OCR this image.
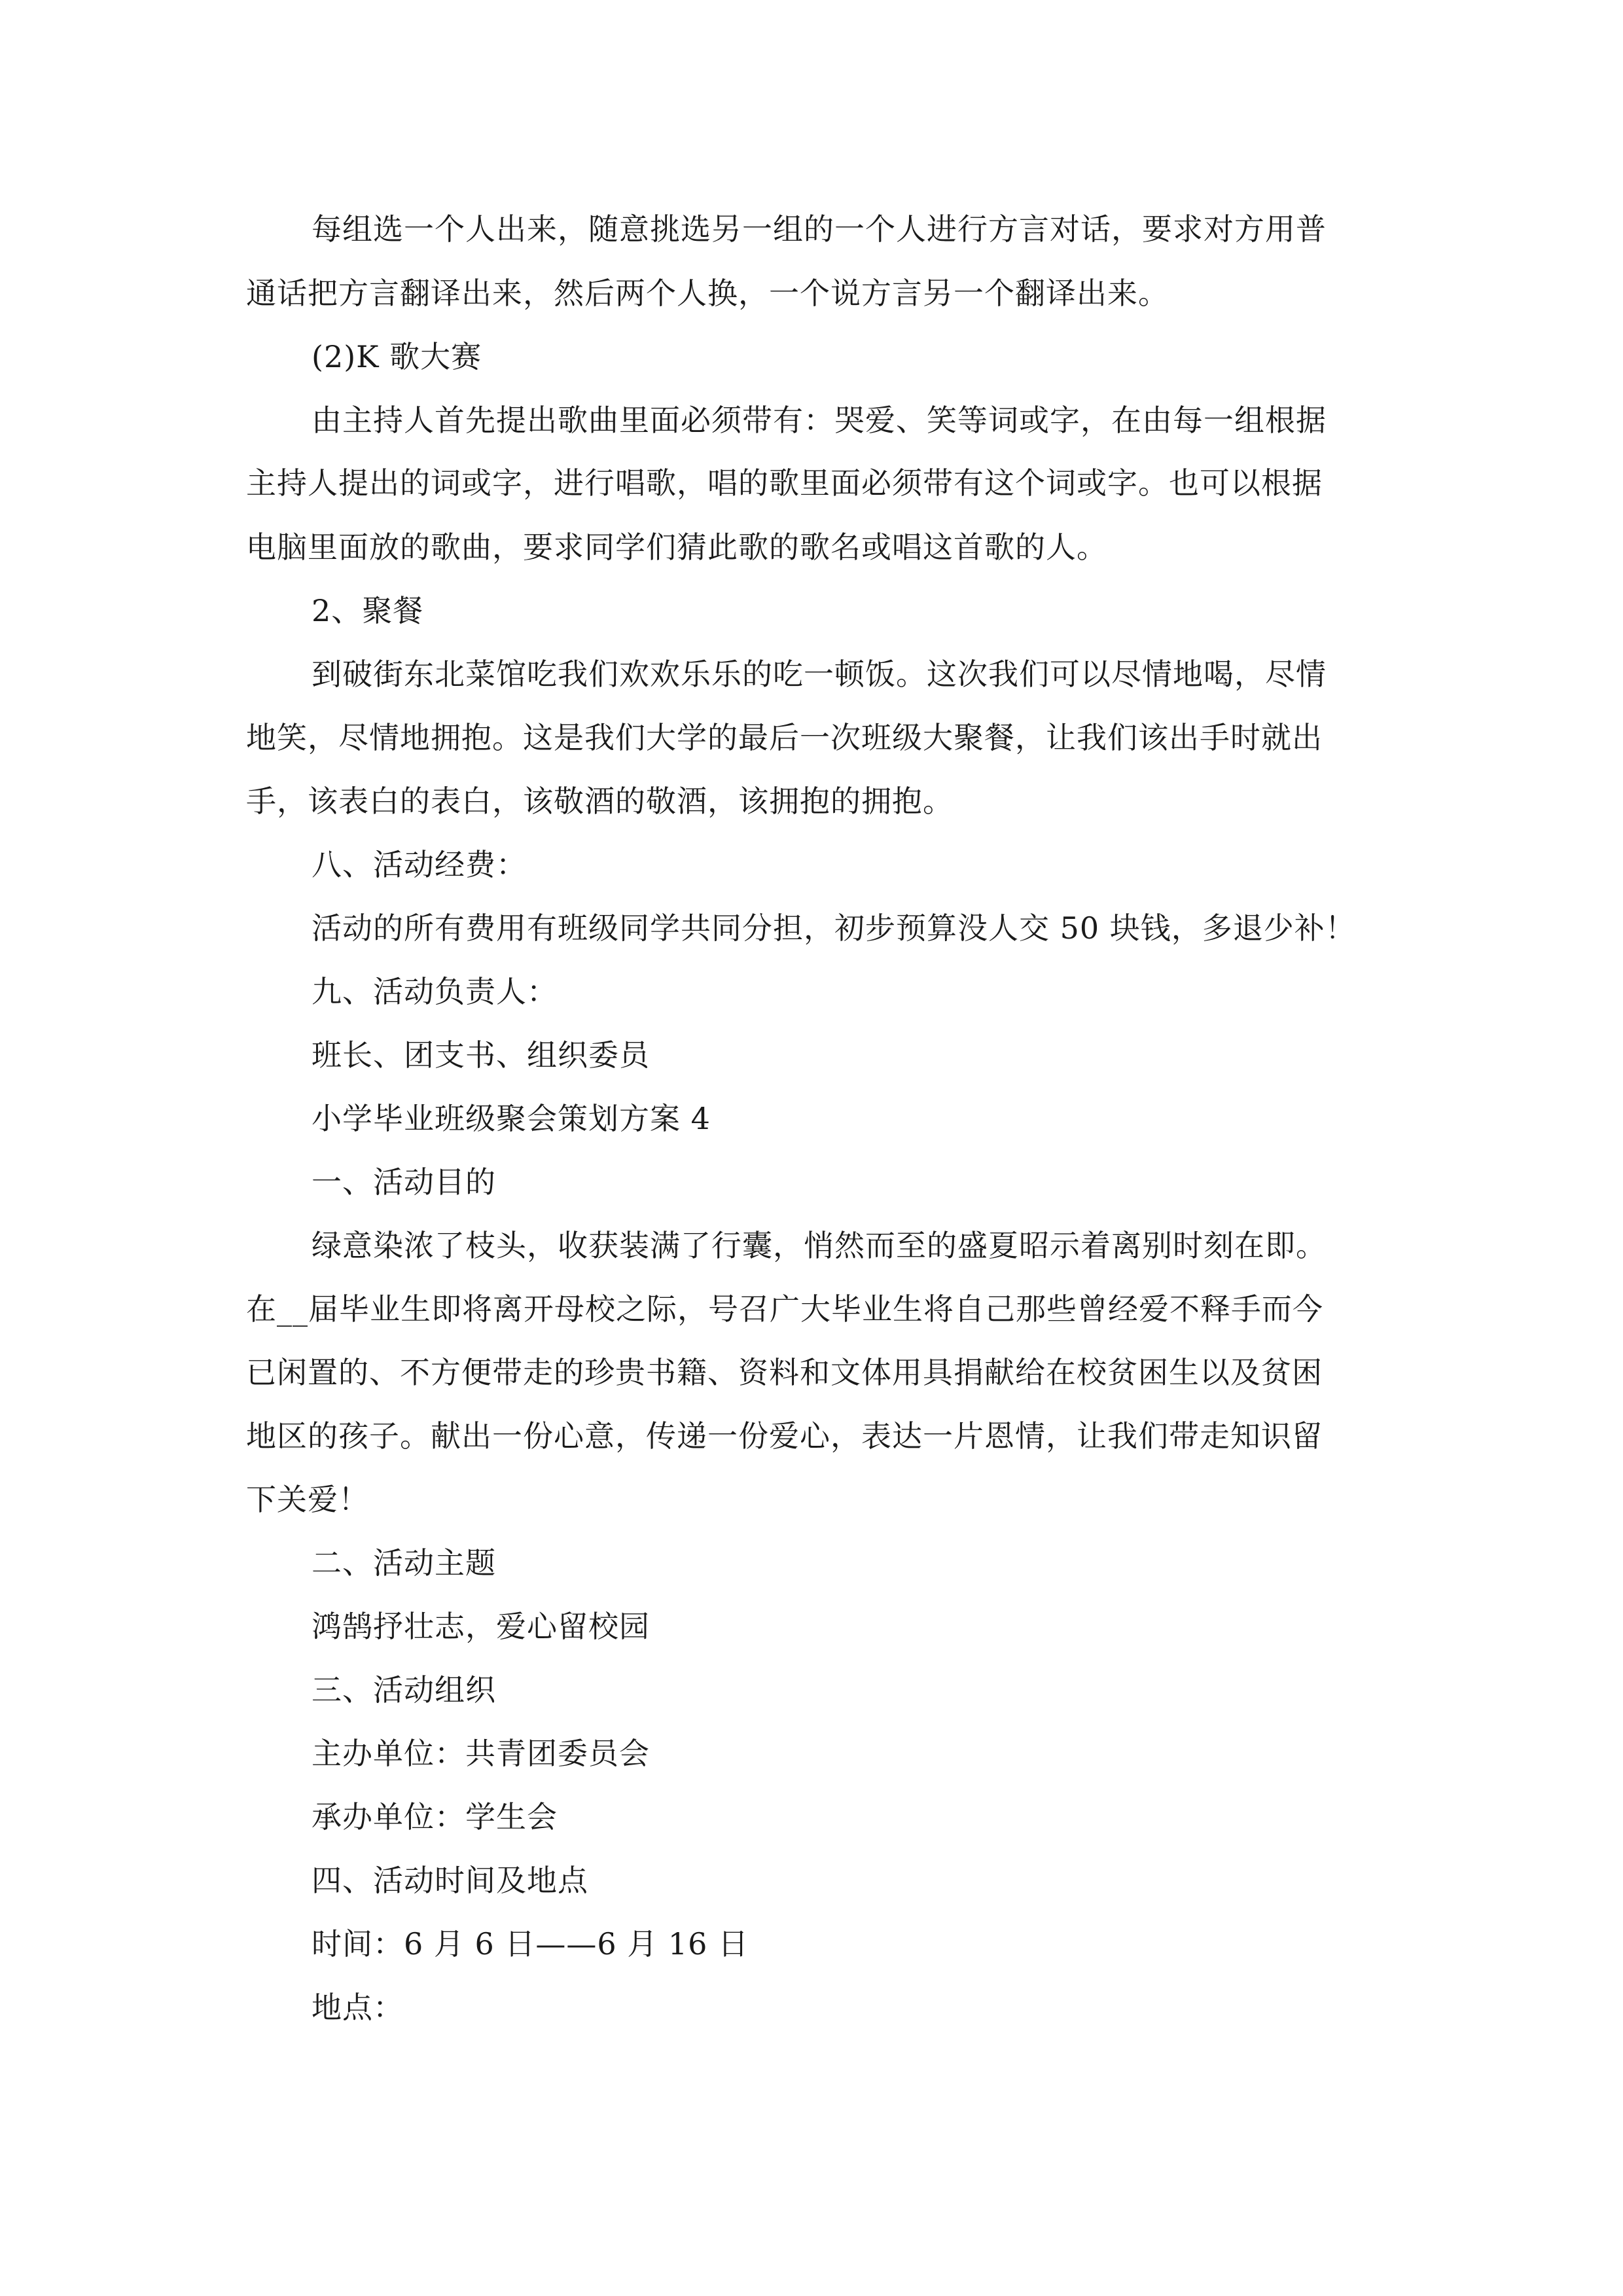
每组选一个人出来，随意挑选另一组的一个人进行方言对话，要求对方用普
通话把方言翻译出来，然后两个人换，一个说方言另一个翻译出来。
(2)K 歌大赛
由主持人首先提出歌曲里面必须带有：哭爱、笑等词或字，在由每一组根据
主持人提出的词或字，进行唱歌，唱的歌里面必须带有这个词或字。也可以根据
电脑里面放的歌曲，要求同学们猜此歌的歌名或唱这首歌的人。
2、聚餐
到破街东北菜馆吃我们欢欢乐乐的吃一顿饭。这次我们可以尽情地喝，尽情
地笑，尽情地拥抱。这是我们大学的最后一次班级大聚餐，让我们该出手时就出
手，该表白的表白，该敬酒的敬酒，该拥抱的拥抱。
八、活动经费：
活动的所有费用有班级同学共同分担，初步预算没人交 50 块钱，多退少补！
九、活动负责人：
班长、团支书、组织委员
小学毕业班级聚会策划方案 4
一、活动目的
绿意染浓了枝头，收获装满了行囊，悄然而至的盛夏昭示着离别时刻在即。
在__届毕业生即将离开母校之际，号召广大毕业生将自己那些曾经爱不释手而今
已闲置的、不方便带走的珍贵书籍、资料和文体用具捐献给在校贫困生以及贫困
地区的孩子。献出一份心意，传递一份爱心，表达一片恩情，让我们带走知识留
下关爱！
二、活动主题
鸿鹄抒壮志，爱心留校园
三、活动组织
主办单位：共青团委员会
承办单位：学生会
四、活动时间及地点
时间：6 月 6 日——6 月 16 日
地点：
